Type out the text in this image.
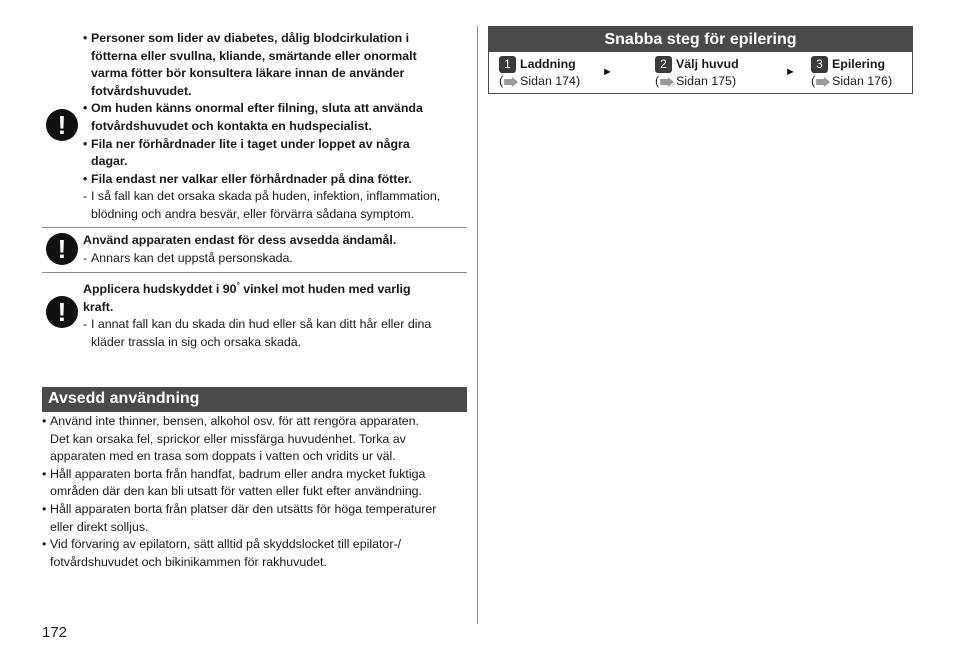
!
• Personer som lider av diabetes, dålig blodcirkulation i
fötterna eller svullna, kliande, smärtande eller onormalt
varma fötter bör konsultera läkare innan de använder
fotvårdshuvudet.
• Om huden känns onormal efter filning, sluta att använda
fotvårdshuvudet och kontakta en hudspecialist.
• Fila ner förhårdnader lite i taget under loppet av några
dagar.
• Fila endast ner valkar eller förhårdnader på dina fötter.
- I så fall kan det orsaka skada på huden, infektion, inflammation,
blödning och andra besvär, eller förvärra sådana symptom.
!	Använd apparaten endast för dess avsedda ändamål.
- Annars kan det uppstå personskada.
!
Applicera hudskyddet i 90° vinkel mot huden med varlig
kraft.
- I annat fall kan du skada din hud eller så kan ditt hår eller dina
kläder trassla in sig och orsaka skada.
Avsedd användning
• Använd inte thinner, bensen, alkohol osv. för att rengöra apparaten.
Det kan orsaka fel, sprickor eller missfärga huvudenhet. Torka av
apparaten med en trasa som doppats i vatten och vridits ur väl.
• Håll apparaten borta från handfat, badrum eller andra mycket fuktiga
områden där den kan bli utsatt för vatten eller fukt efter användning.
• Håll apparaten borta från platser där den utsätts för höga temperaturer
eller direkt solljus.
• Vid förvaring av epilatorn, sätt alltid på skyddslocket till epilator-/
fotvårdshuvudet och bikinikammen för rakhuvudet.
Snabba steg för epilering
1 Laddning
( Sidan 174)
2 Välj huvud
( Sidan 175)
3 Epilering
( Sidan 176)
►	►
172
